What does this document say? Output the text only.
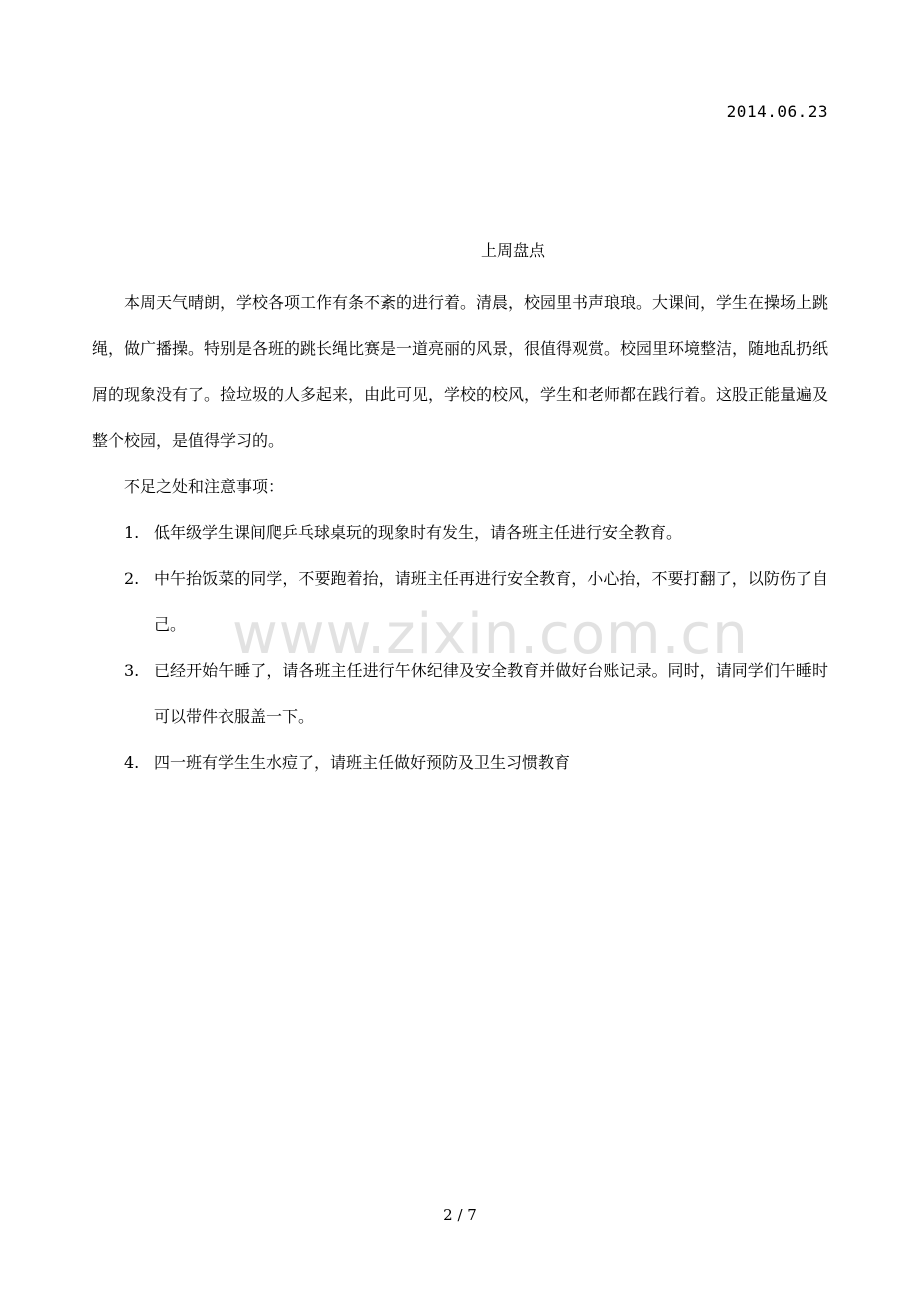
2014.06.23
上周盘点

本周天气晴朗，学校各项工作有条不紊的进行着。清晨，校园里书声琅琅。大课间，学生在操场上跳绳，做广播操。特别是各班的跳长绳比赛是一道亮丽的风景，很值得观赏。校园里环境整洁，随地乱扔纸屑的现象没有了。捡垃圾的人多起来，由此可见，学校的校风，学生和老师都在践行着。这股正能量遍及整个校园，是值得学习的。

不足之处和注意事项：

1. 低年级学生课间爬乒乓球桌玩的现象时有发生，请各班主任进行安全教育。
2. 中午抬饭菜的同学，不要跑着抬，请班主任再进行安全教育，小心抬，不要打翻了，以防伤了自己。
3. 已经开始午睡了，请各班主任进行午休纪律及安全教育并做好台账记录。同时，请同学们午睡时可以带件衣服盖一下。
4. 四一班有学生生水痘了，请班主任做好预防及卫生习惯教育
www.zixin.com.cn
2 / 7
